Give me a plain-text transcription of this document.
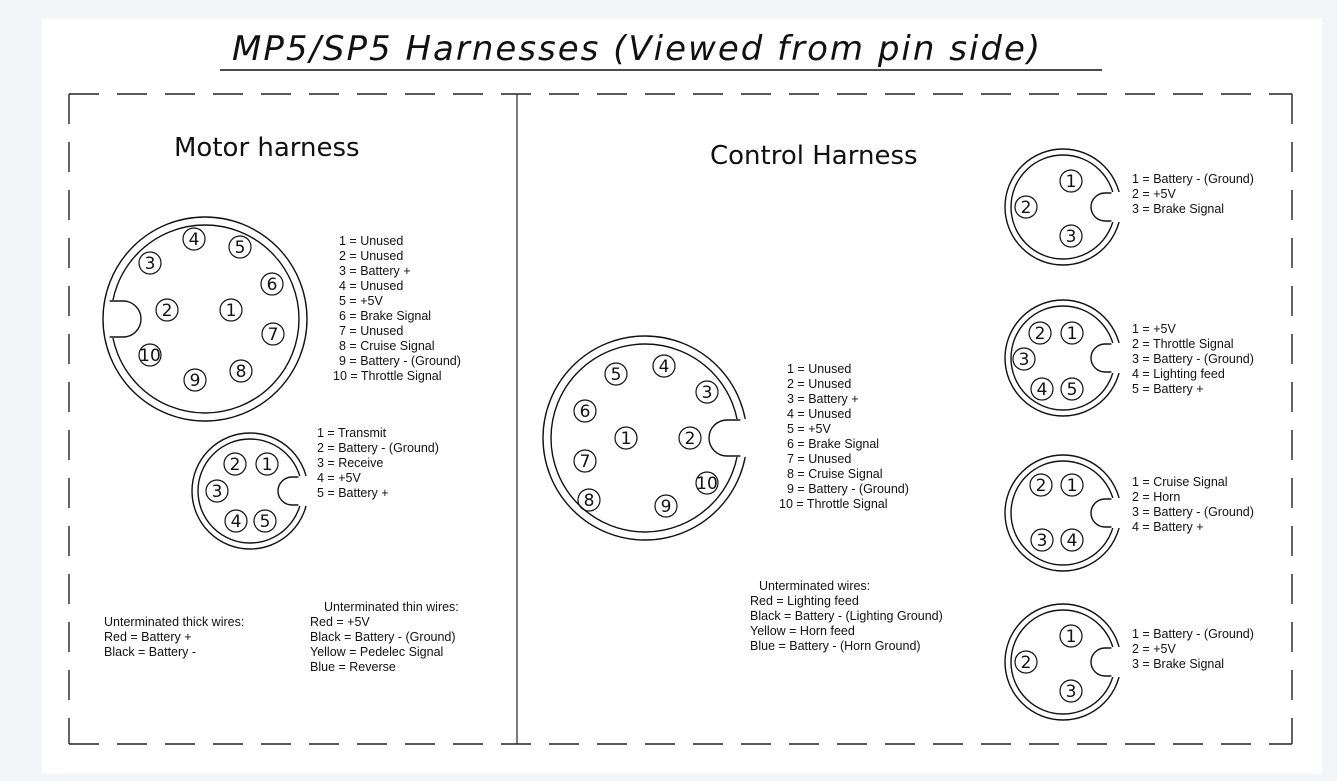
MP5/SP5 Harnesses (Viewed from pin side)
Motor harness	Control Harness
1
2
3
4 5
6
7
8
9
10
1 = Unused
2 = Unused
3 = Battery +
4 = Unused
5 = +5V
6 = Brake Signal
7 = Unused
8 = Cruise Signal
9 = Battery - (Ground)
10 = Throttle Signal
1
2
3
4 5
1 = Transmit
2 = Battery - (Ground)
3 = Receive
4 = +5V
5 = Battery +
Unterminated thick wires:
Red = Battery +
Black = Battery -
Unterminated thin wires:
Red = +5V
Black = Battery - (Ground)
Yellow = Pedelec Signal
Blue = Reverse
1	2
3
4
5
6
7
8	9
10
1 = Unused
2 = Unused
3 = Battery +
4 = Unused
5 = +5V
6 = Brake Signal
7 = Unused
8 = Cruise Signal
9 = Battery - (Ground)
10 = Throttle Signal
Unterminated wires:
Red = Lighting feed
Black = Battery - (Lighting Ground)
Yellow = Horn feed
Blue = Battery - (Horn Ground)
1
2
3
1 = Battery - (Ground)
2 = +5V
3 = Brake Signal
1
2
3
4 5
1 = +5V
2 = Throttle Signal
3 = Battery - (Ground)
4 = Lighting feed
5 = Battery +
1
2
3 4
1 = Cruise Signal
2 = Horn
3 = Battery - (Ground)
4 = Battery +
1
2
3
1 = Battery - (Ground)
2 = +5V
3 = Brake Signal
